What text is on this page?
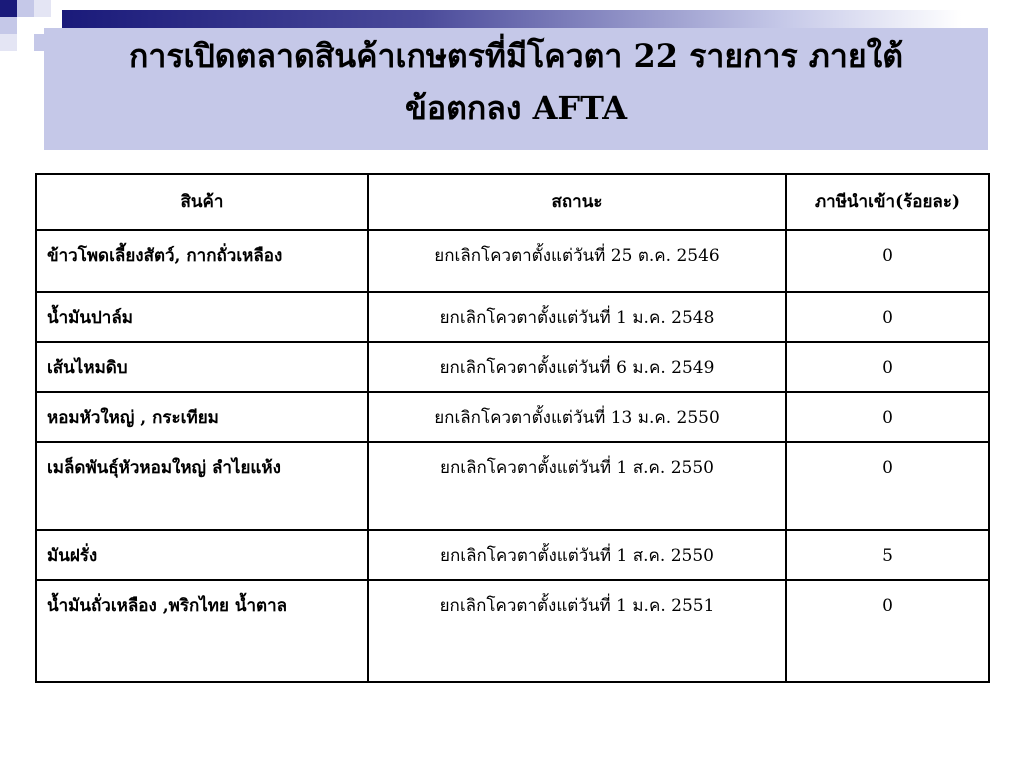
การเปิดตลาดสินค้าเกษตรที่มีโควตา 22 รายการ ภายใต้
ข้อตกลง AFTA
สินค้า	สถานะ	ภาษีนำเข้า(ร้อยละ)
ข้าวโพดเลี้ยงสัตว์, กากถั่วเหลือง	ยกเลิกโควตาตั้งแต่วันที่ 25 ต.ค. 2546	0
น้ำมันปาล์ม	ยกเลิกโควตาตั้งแต่วันที่ 1 ม.ค. 2548	0
เส้นไหมดิบ	ยกเลิกโควตาตั้งแต่วันที่ 6 ม.ค. 2549	0
หอมหัวใหญ่ , กระเทียม	ยกเลิกโควตาตั้งแต่วันที่ 13 ม.ค. 2550	0
เมล็ดพันธุ์หัวหอมใหญ่ ลำไยแห้ง	ยกเลิกโควตาตั้งแต่วันที่ 1 ส.ค. 2550	0
มันฝรั่ง	ยกเลิกโควตาตั้งแต่วันที่ 1 ส.ค. 2550	5
น้ำมันถั่วเหลือง ,พริกไทย น้ำตาล	ยกเลิกโควตาตั้งแต่วันที่ 1 ม.ค. 2551	0
